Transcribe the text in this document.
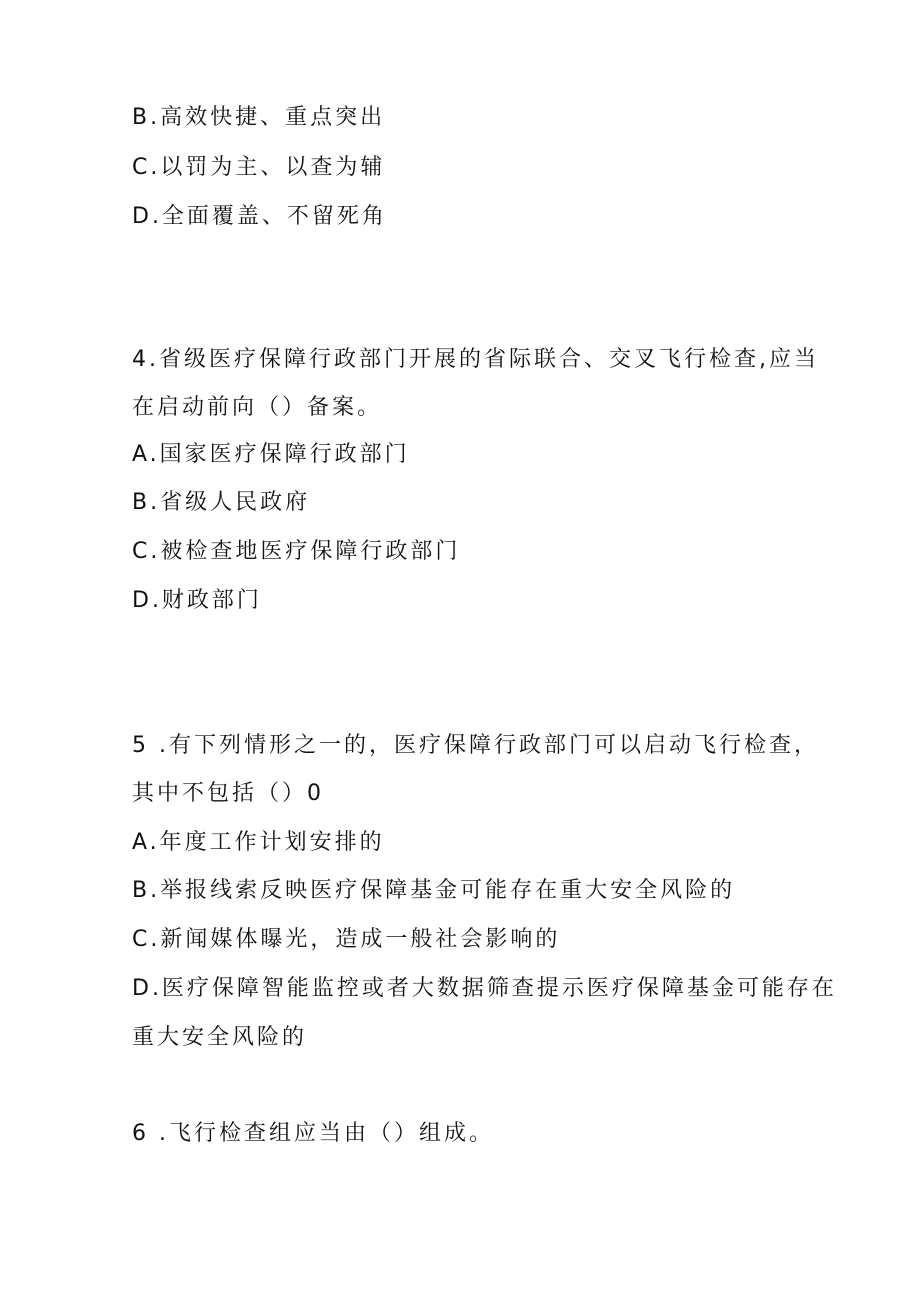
B.高效快捷、重点突出

C.以罚为主、以查为辅

D.全面覆盖、不留死角

4.省级医疗保障行政部门开展的省际联合、交叉飞行检查,应当

在启动前向（）备案。

A.国家医疗保障行政部门

B.省级人民政府

C.被检查地医疗保障行政部门

D.财政部门

5 .有下列情形之一的，医疗保障行政部门可以启动飞行检查，

其中不包括（）0

A.年度工作计划安排的

B.举报线索反映医疗保障基金可能存在重大安全风险的

C.新闻媒体曝光，造成一般社会影响的

D.医疗保障智能监控或者大数据筛查提示医疗保障基金可能存在

重大安全风险的

6 .飞行检查组应当由（）组成。
